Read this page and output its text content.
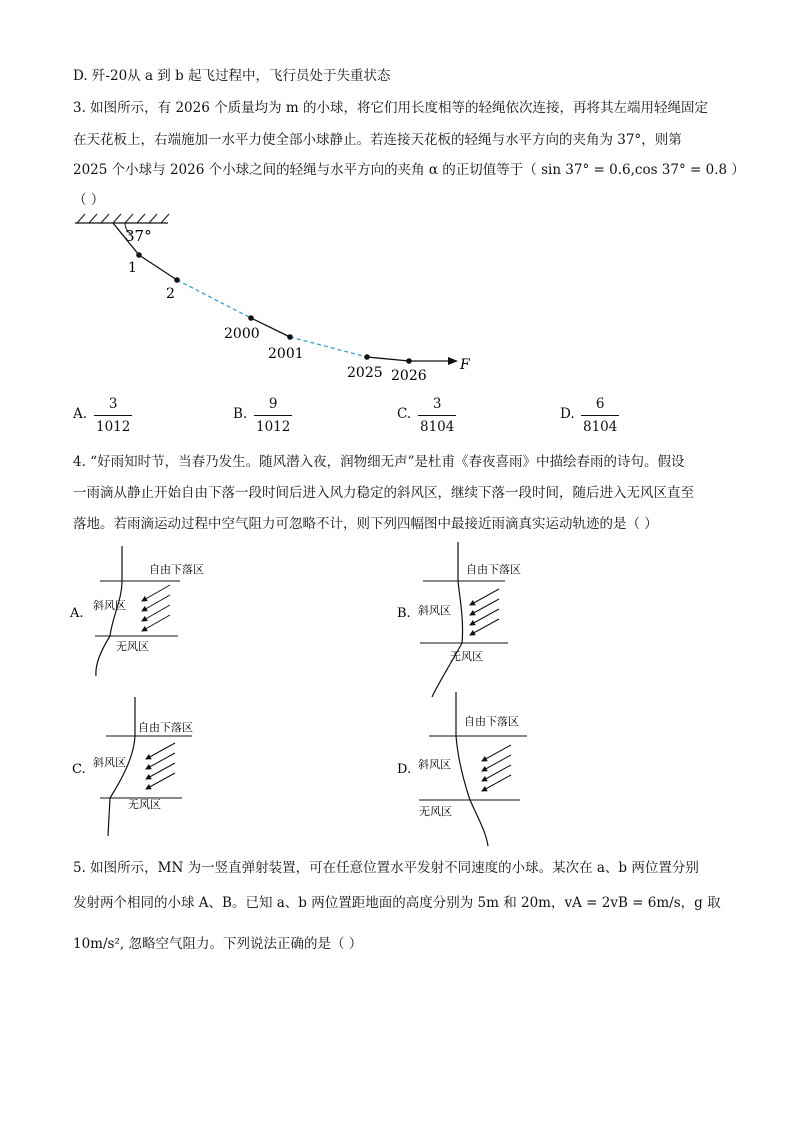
D. 歼-20从 a 到 b 起飞过程中，飞行员处于失重状态
3. 如图所示，有 2026 个质量均为 m 的小球，将它们用长度相等的轻绳依次连接，再将其左端用轻绳固定
在天花板上，右端施加一水平力使全部小球静止。若连接天花板的轻绳与水平方向的夹角为 37°，则第
2025 个小球与 2026 个小球之间的轻绳与水平方向的夹角 α 的正切值等于（ sin 37° = 0.6,cos 37° = 0.8 ）
（ ）
37°
1
2
2000
2001
2025 2026
F
A.
3
1012
B.
9
1012
C.
3
8104
D.
6
8104
4. “好雨知时节，当春乃发生。随风潜入夜，润物细无声”是杜甫《春夜喜雨》中描绘春雨的诗句。假设
一雨滴从静止开始自由下落一段时间后进入风力稳定的斜风区，继续下落一段时间，随后进入无风区直至
落地。若雨滴运动过程中空气阻力可忽略不计，则下列四幅图中最接近雨滴真实运动轨迹的是（ ）
A.
自由下落区
斜风区
无风区
B.
自由下落区
斜风区
无风区
C.
自由下落区
斜风区
无风区
D.
自由下落区
斜风区
无风区
5. 如图所示，MN 为一竖直弹射装置，可在任意位置水平发射不同速度的小球。某次在 a、b 两位置分别
发射两个相同的小球 A、B。已知 a、b 两位置距地面的高度分别为 5m 和 20m，vA = 2vB = 6m/s，g 取
10m/s², 忽略空气阻力。下列说法正确的是（ ）
